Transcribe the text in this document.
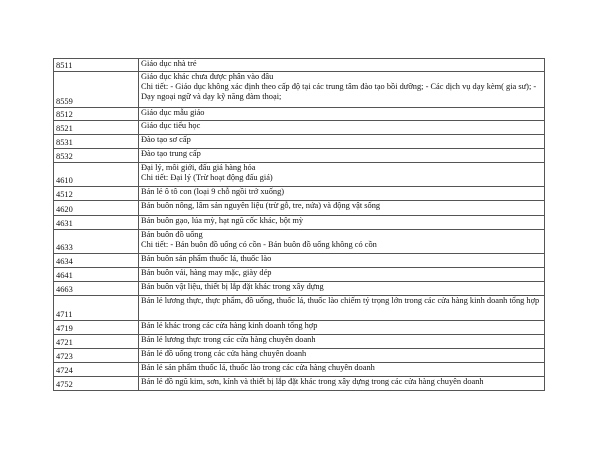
8511	Giáo dục nhà trẻ

8559	Giáo dục khác chưa được phân vào đâu
Chi tiết: - Giáo dục không xác định theo cấp độ tại các trung tâm đào tạo bồi dưỡng; - Các dịch vụ dạy kèm( gia sư); - Dạy ngoại ngữ và dạy kỹ năng đàm thoại;

8512	Giáo dục mẫu giáo

8521	Giáo dục tiểu học

8531	Đào tạo sơ cấp

8532	Đào tạo trung cấp

4610	Đại lý, môi giới, đấu giá hàng hóa
Chi tiết: Đại lý (Trừ hoạt động đấu giá)

4512	Bán lẻ ô tô con (loại 9 chỗ ngồi trở xuống)

4620	Bán buôn nông, lâm sản nguyên liệu (trừ gỗ, tre, nứa) và động vật sống

4631	Bán buôn gạo, lúa mỳ, hạt ngũ cốc khác, bột mỳ

4633	Bán buôn đồ uống
Chi tiết: - Bán buôn đồ uống có cồn - Bán buôn đồ uống không có cồn

4634	Bán buôn sản phẩm thuốc lá, thuốc lào

4641	Bán buôn vải, hàng may mặc, giày dép

4663	Bán buôn vật liệu, thiết bị lắp đặt khác trong xây dựng

4711	Bán lẻ lương thực, thực phẩm, đồ uống, thuốc lá, thuốc lào chiếm tỷ trọng lớn trong các cửa hàng kinh doanh tổng hợp

4719	Bán lẻ khác trong các cửa hàng kinh doanh tổng hợp

4721	Bán lẻ lương thực trong các cửa hàng chuyên doanh

4723	Bán lẻ đồ uống trong các cửa hàng chuyên doanh

4724	Bán lẻ sản phẩm thuốc lá, thuốc lào trong các cửa hàng chuyên doanh

4752	Bán lẻ đồ ngũ kim, sơn, kính và thiết bị lắp đặt khác trong xây dựng trong các cửa hàng chuyên doanh
